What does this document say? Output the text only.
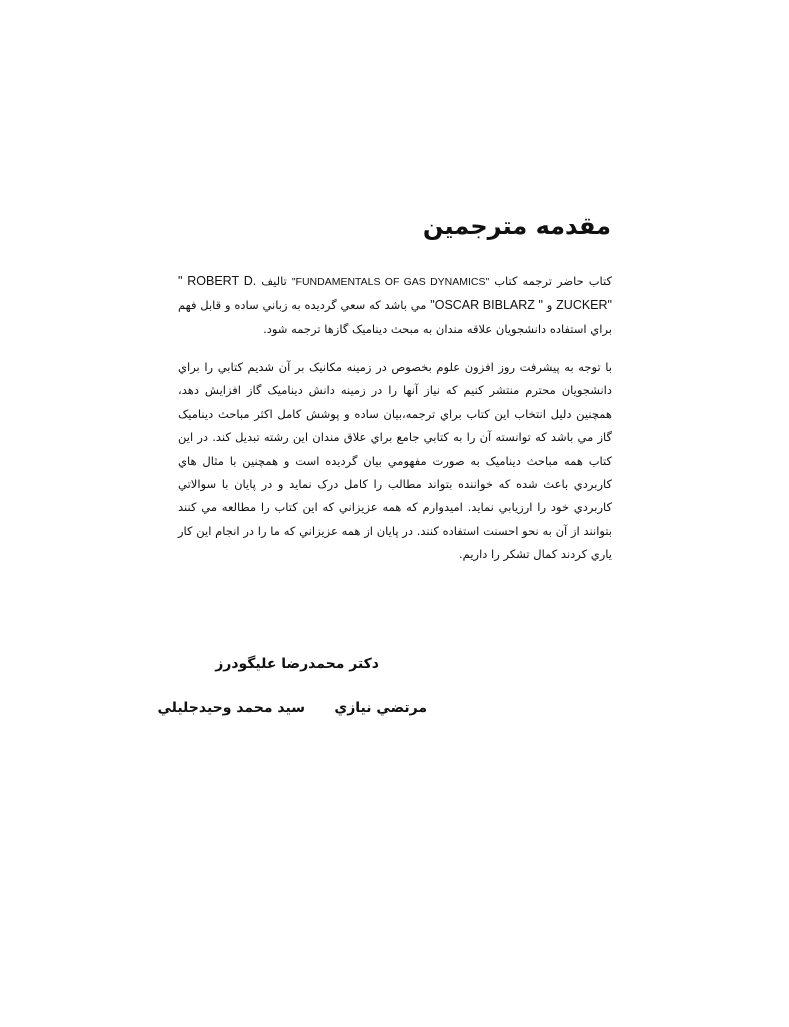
مقدمه مترجمين

كتاب حاضر ترجمه كتاب "FUNDAMENTALS OF GAS DYNAMICS" تاليف " ROBERT D. ZUCKER" و "OSCAR BIBLARZ " مي باشد كه سعي گرديده به زباني ساده و قابل فهم براي استفاده دانشجويان علاقه مندان به مبحث ديناميک گازها ترجمه شود.

با توجه به پيشرفت روز افزون علوم بخصوص در زمينه مكانيک بر آن شديم كتابي را براي دانشجويان محترم منتشر كنيم كه نياز آنها را در زمينه دانش ديناميک گاز افزايش دهد، همچنين دليل انتخاب اين كتاب براي ترجمه،بيان ساده و پوشش كامل اكثر مباحث ديناميک گاز مي باشد كه توانسته آن را به كتابي جامع براي علاق مندان اين رشته تبديل كند. در اين كتاب همه مباحث ديناميک به صورت مفهومي بيان گرديده است و همچنين با مثال هاي كاربردي باعث شده كه خواننده بتواند مطالب را كامل درک نمايد و در پايان با سوالاتي كاربردي خود را ارزيابي نمايد. اميدوارم كه همه عزيزاني كه اين كتاب را مطالعه مي كنند بتوانند از آن به نحو احسنت استفاده كنند. در پايان از همه عزيزاني كه ما را در انجام اين كار ياري كردند كمال تشكر را داريم.

دكتر محمدرضا عليگودرز
مرتضي نيازي
سيد محمد وحيدجليلي
